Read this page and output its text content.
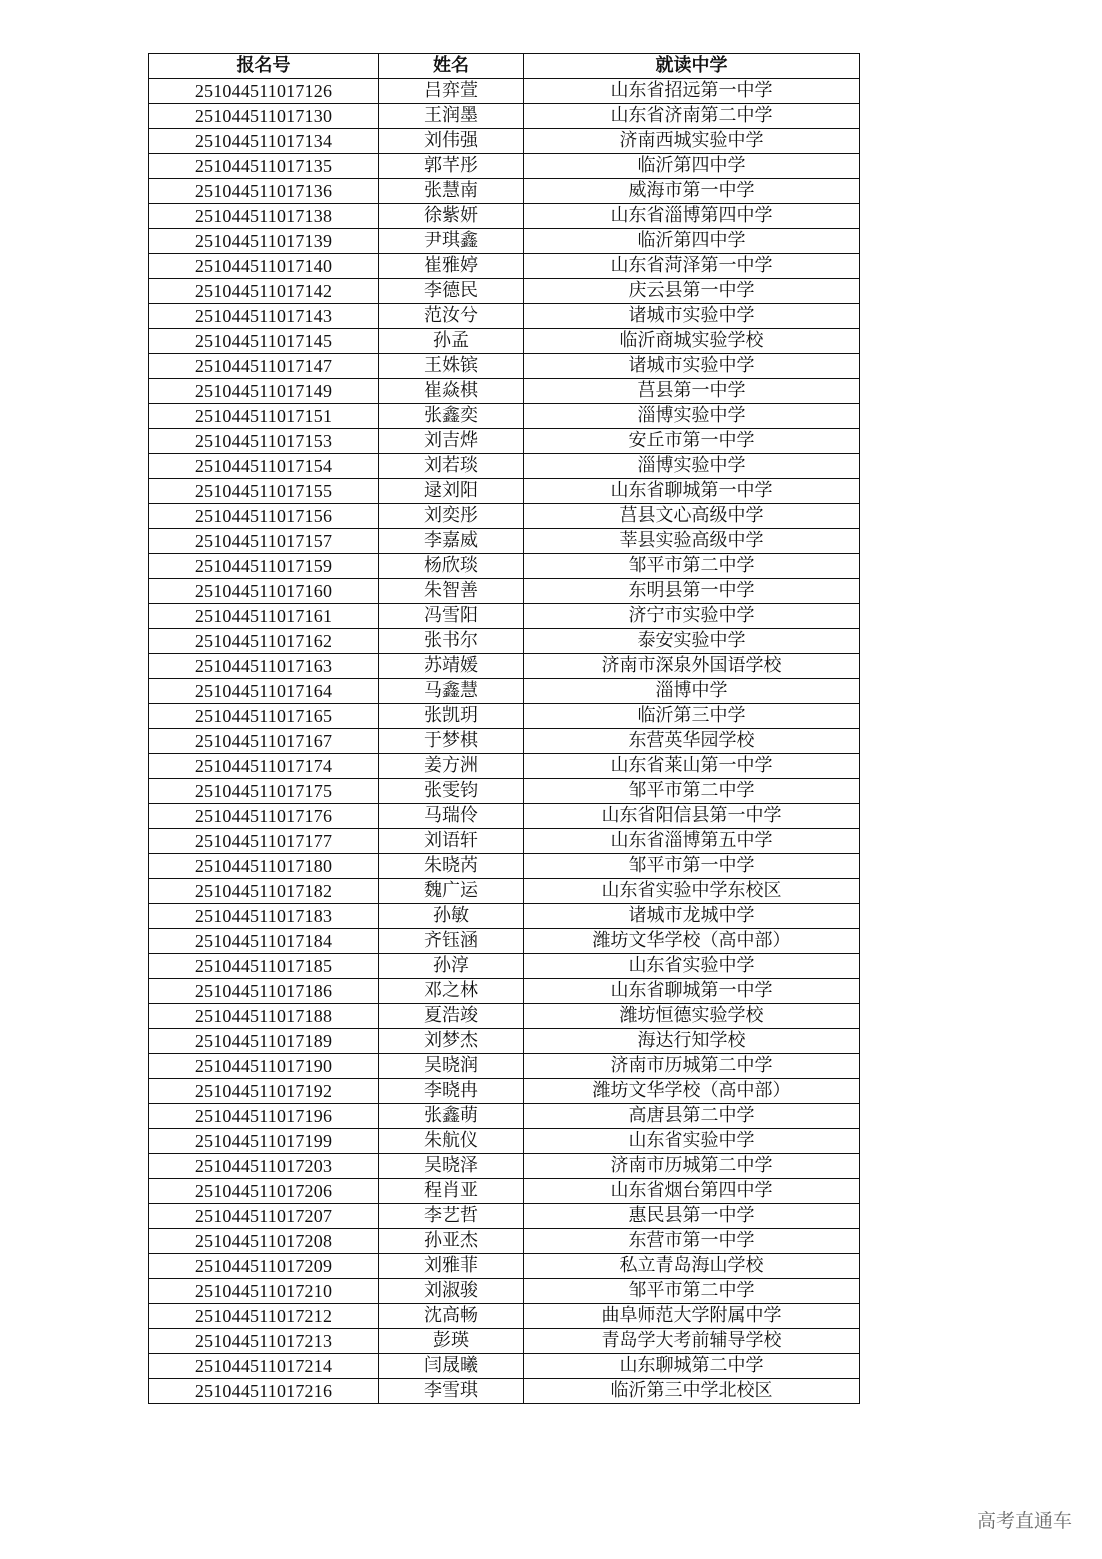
报名号	姓名	就读中学
251044511017126	吕弈萱	山东省招远第一中学
251044511017130	王润墨	山东省济南第二中学
251044511017134	刘伟强	济南西城实验中学
251044511017135	郭芊彤	临沂第四中学
251044511017136	张慧南	威海市第一中学
251044511017138	徐紫妍	山东省淄博第四中学
251044511017139	尹琪鑫	临沂第四中学
251044511017140	崔雅婷	山东省菏泽第一中学
251044511017142	李德民	庆云县第一中学
251044511017143	范汝兮	诸城市实验中学
251044511017145	孙孟	临沂商城实验学校
251044511017147	王姝镔	诸城市实验中学
251044511017149	崔焱棋	莒县第一中学
251044511017151	张鑫奕	淄博实验中学
251044511017153	刘吉烨	安丘市第一中学
251044511017154	刘若琰	淄博实验中学
251044511017155	逯刘阳	山东省聊城第一中学
251044511017156	刘奕彤	莒县文心高级中学
251044511017157	李嘉威	莘县实验高级中学
251044511017159	杨欣琰	邹平市第二中学
251044511017160	朱智善	东明县第一中学
251044511017161	冯雪阳	济宁市实验中学
251044511017162	张书尔	泰安实验中学
251044511017163	苏靖媛	济南市深泉外国语学校
251044511017164	马鑫慧	淄博中学
251044511017165	张凯玥	临沂第三中学
251044511017167	于梦棋	东营英华园学校
251044511017174	姜方洲	山东省莱山第一中学
251044511017175	张雯钧	邹平市第二中学
251044511017176	马瑞伶	山东省阳信县第一中学
251044511017177	刘语轩	山东省淄博第五中学
251044511017180	朱晓芮	邹平市第一中学
251044511017182	魏广运	山东省实验中学东校区
251044511017183	孙敏	诸城市龙城中学
251044511017184	齐钰涵	潍坊文华学校（高中部）
251044511017185	孙淳	山东省实验中学
251044511017186	邓之林	山东省聊城第一中学
251044511017188	夏浩竣	潍坊恒德实验学校
251044511017189	刘梦杰	海达行知学校
251044511017190	吴晓润	济南市历城第二中学
251044511017192	李晓冉	潍坊文华学校（高中部）
251044511017196	张鑫萌	高唐县第二中学
251044511017199	朱航仪	山东省实验中学
251044511017203	吴晓泽	济南市历城第二中学
251044511017206	程肖亚	山东省烟台第四中学
251044511017207	李艺哲	惠民县第一中学
251044511017208	孙亚杰	东营市第一中学
251044511017209	刘雅菲	私立青岛海山学校
251044511017210	刘淑骏	邹平市第二中学
251044511017212	沈高畅	曲阜师范大学附属中学
251044511017213	彭瑛	青岛学大考前辅导学校
251044511017214	闫晟曦	山东聊城第二中学
251044511017216	李雪琪	临沂第三中学北校区
高考直通车
